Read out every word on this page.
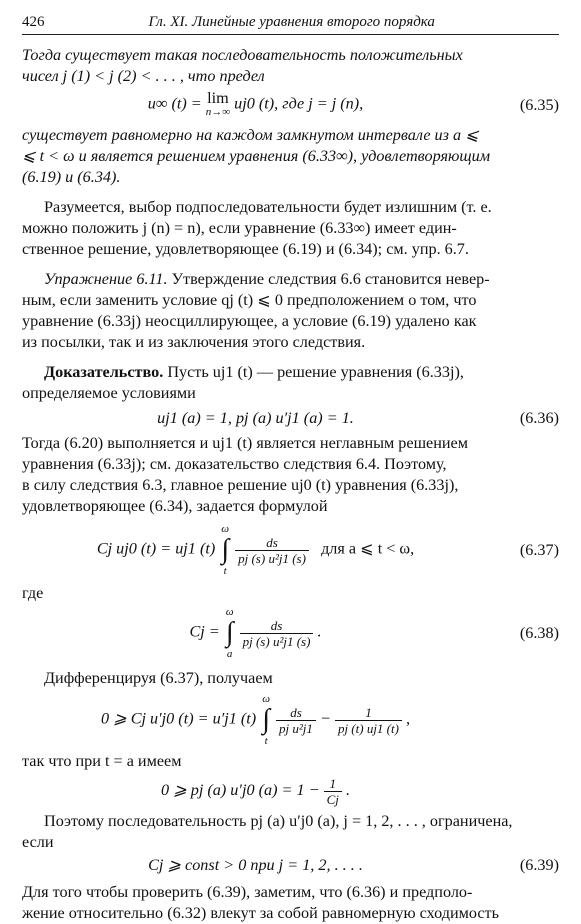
426	Гл. XI. Линейные уравнения второго порядка

Тогда существует такая последовательность положительных

чисел j (1) < j (2) < . . . , что предел

u∞ (t) = lim
n→∞ uj0 (t), где j = j (n),	(6.35)

существует равномерно на каждом замкнутом интервале из a ⩽

⩽ t < ω и является решением уравнения (6.33∞), удовлетворяющим

(6.19) и (6.34).

Разумеется, выбор подпоследовательности будет излишним (т. е.

можно положить j (n) = n), если уравнение (6.33∞) имеет един-

ственное решение, удовлетворяющее (6.19) и (6.34); см. упр. 6.7.

Упражнение 6.11. Утверждение следствия 6.6 становится невер-

ным, если заменить условие qj (t) ⩽ 0 предположением о том, что

уравнение (6.33j) неосциллирующее, а условие (6.19) удалено как

из посылки, так и из заключения этого следствия.

Доказательство. Пусть uj1 (t) — решение уравнения (6.33j),

определяемое условиями

uj1 (a) = 1, pj (a) u′j1 (a) = 1.	(6.36)

Тогда (6.20) выполняется и uj1 (t) является неглавным решением

уравнения (6.33j); см. доказательство следствия 6.4. Поэтому,

в силу следствия 6.3, главное решение uj0 (t) уравнения (6.33j),

удовлетворяющее (6.34), задается формулой

Cj uj0 (t) = uj1 (t)
ω
∫
t

$\frac{ds}{\text{pj (s) u²j1 (s)}}$ для a ⩽ t < ω,	(6.37)

где

Cj =
ω
∫
a

$\frac{ds}{\text{pj (s) u²j1 (s)}}$ .	(6.38)

Дифференцируя (6.37), получаем

0 ⩾ Cj u′j0 (t) = u′j1 (t)
ω
∫
t

$\frac{ds}{\text{pj u²j1}} - \frac{1}{pj (t) uj1 (t)}$ ,

так что при t = a имеем

0 ⩾ pj (a) u′j0 $(a) = 1 - \frac{1}{Cj}$ .

Поэтому последовательность pj (a) u′j0 (a), j = 1, 2, . . . , ограничена,

если

Cj ⩾ const > 0 при j = 1, 2, . . . .	(6.39)

Для того чтобы проверить (6.39), заметим, что (6.36) и предполо-

жение относительно (6.32) влекут за собой равномерную сходимость
